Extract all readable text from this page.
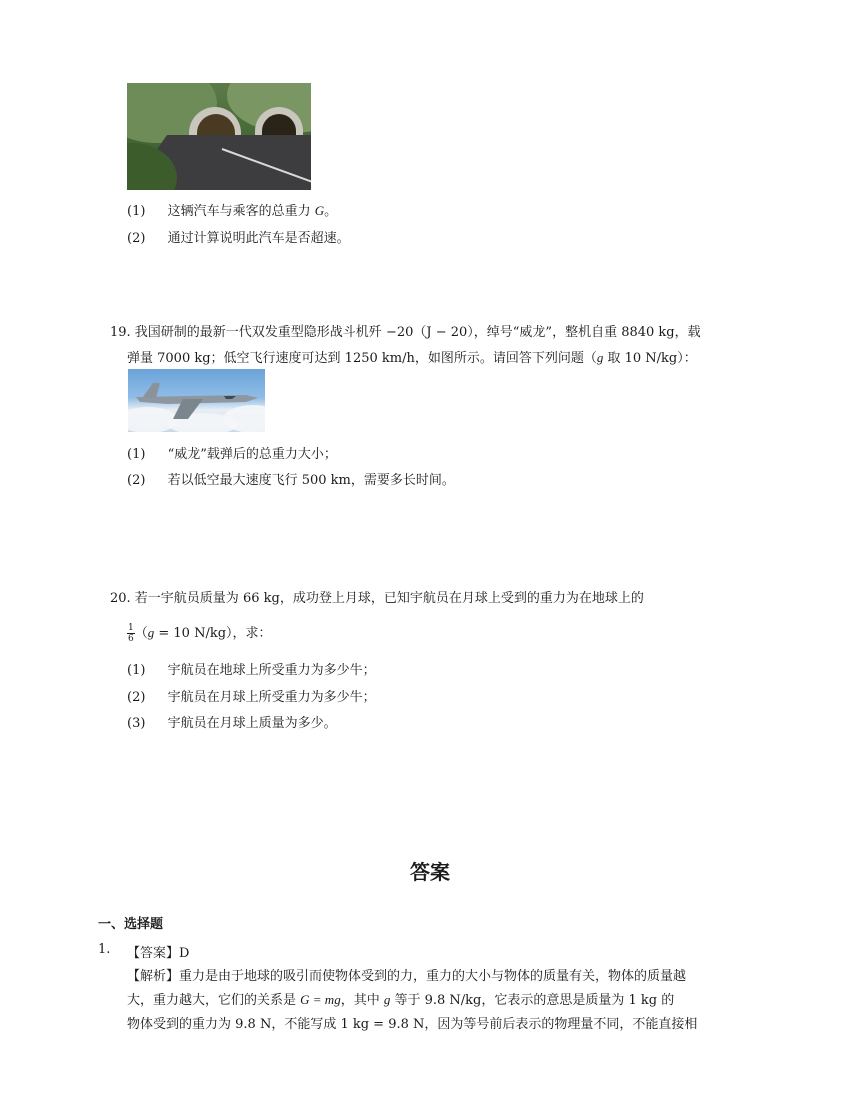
(1) 这辆汽车与乘客的总重力 G。
(2) 通过计算说明此汽车是否超速。
19. 我国研制的最新一代双发重型隐形战斗机歼 −20（J − 20），绰号“威龙”，整机自重 8840 kg，载
弹量 7000 kg；低空飞行速度可达到 1250 km/h，如图所示。请回答下列问题（g 取 10 N/kg）：
(1) “威龙”载弹后的总重力大小；
(2) 若以低空最大速度飞行 500 km，需要多长时间。
20. 若一宇航员质量为 66 kg，成功登上月球，已知宇航员在月球上受到的重力为在地球上的
$\frac{1}{6} (g = 10$ N/kg），求：
(1) 宇航员在地球上所受重力为多少牛；
(2) 宇航员在月球上所受重力为多少牛；
(3) 宇航员在月球上质量为多少。
答案
一、选择题
1. 【答案】D
【解析】重力是由于地球的吸引而使物体受到的力，重力的大小与物体的质量有关，物体的质量越
大，重力越大，它们的关系是 G = mg，其中 g 等于 9.8 N/kg，它表示的意思是质量为 1 kg 的
物体受到的重力为 9.8 N，不能写成 1 kg = 9.8 N，因为等号前后表示的物理量不同，不能直接相
